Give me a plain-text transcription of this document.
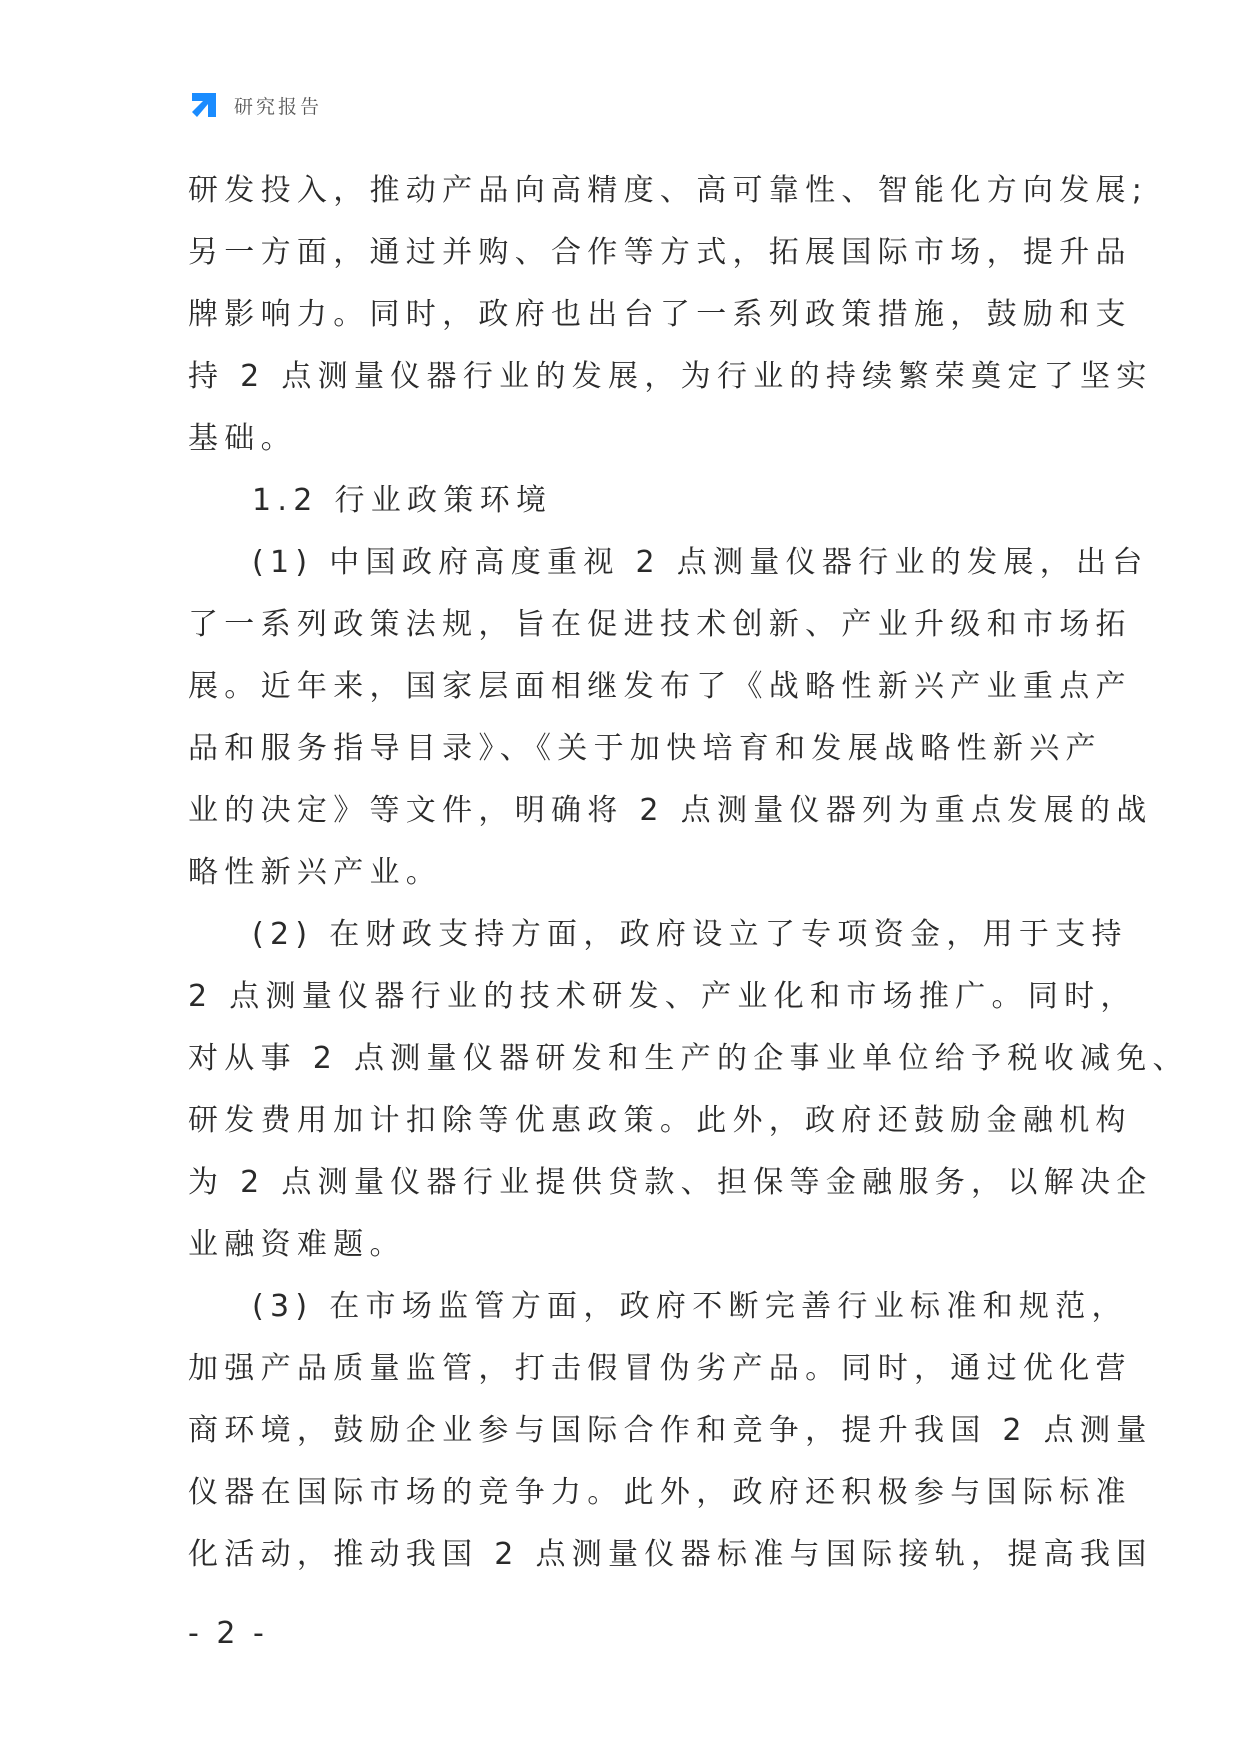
研究报告
研发投入，推动产品向高精度、高可靠性、智能化方向发展;
另一方面，通过并购、合作等方式，拓展国际市场，提升品
牌影响力。同时，政府也出台了一系列政策措施，鼓励和支
持 2 点测量仪器行业的发展，为行业的持续繁荣奠定了坚实
基础。
1.2 行业政策环境
(1) 中国政府高度重视 2 点测量仪器行业的发展，出台
了一系列政策法规，旨在促进技术创新、产业升级和市场拓
展。近年来，国家层面相继发布了《战略性新兴产业重点产
品和服务指导目录》、《关于加快培育和发展战略性新兴产
业的决定》等文件，明确将 2 点测量仪器列为重点发展的战
略性新兴产业。
(2) 在财政支持方面，政府设立了专项资金，用于支持
2 点测量仪器行业的技术研发、产业化和市场推广。同时，
对从事 2 点测量仪器研发和生产的企事业单位给予税收减免、
研发费用加计扣除等优惠政策。此外，政府还鼓励金融机构
为 2 点测量仪器行业提供贷款、担保等金融服务，以解决企
业融资难题。
(3) 在市场监管方面，政府不断完善行业标准和规范，
加强产品质量监管，打击假冒伪劣产品。同时，通过优化营
商环境，鼓励企业参与国际合作和竞争，提升我国 2 点测量
仪器在国际市场的竞争力。此外，政府还积极参与国际标准
化活动，推动我国 2 点测量仪器标准与国际接轨，提高我国
- 2 -
